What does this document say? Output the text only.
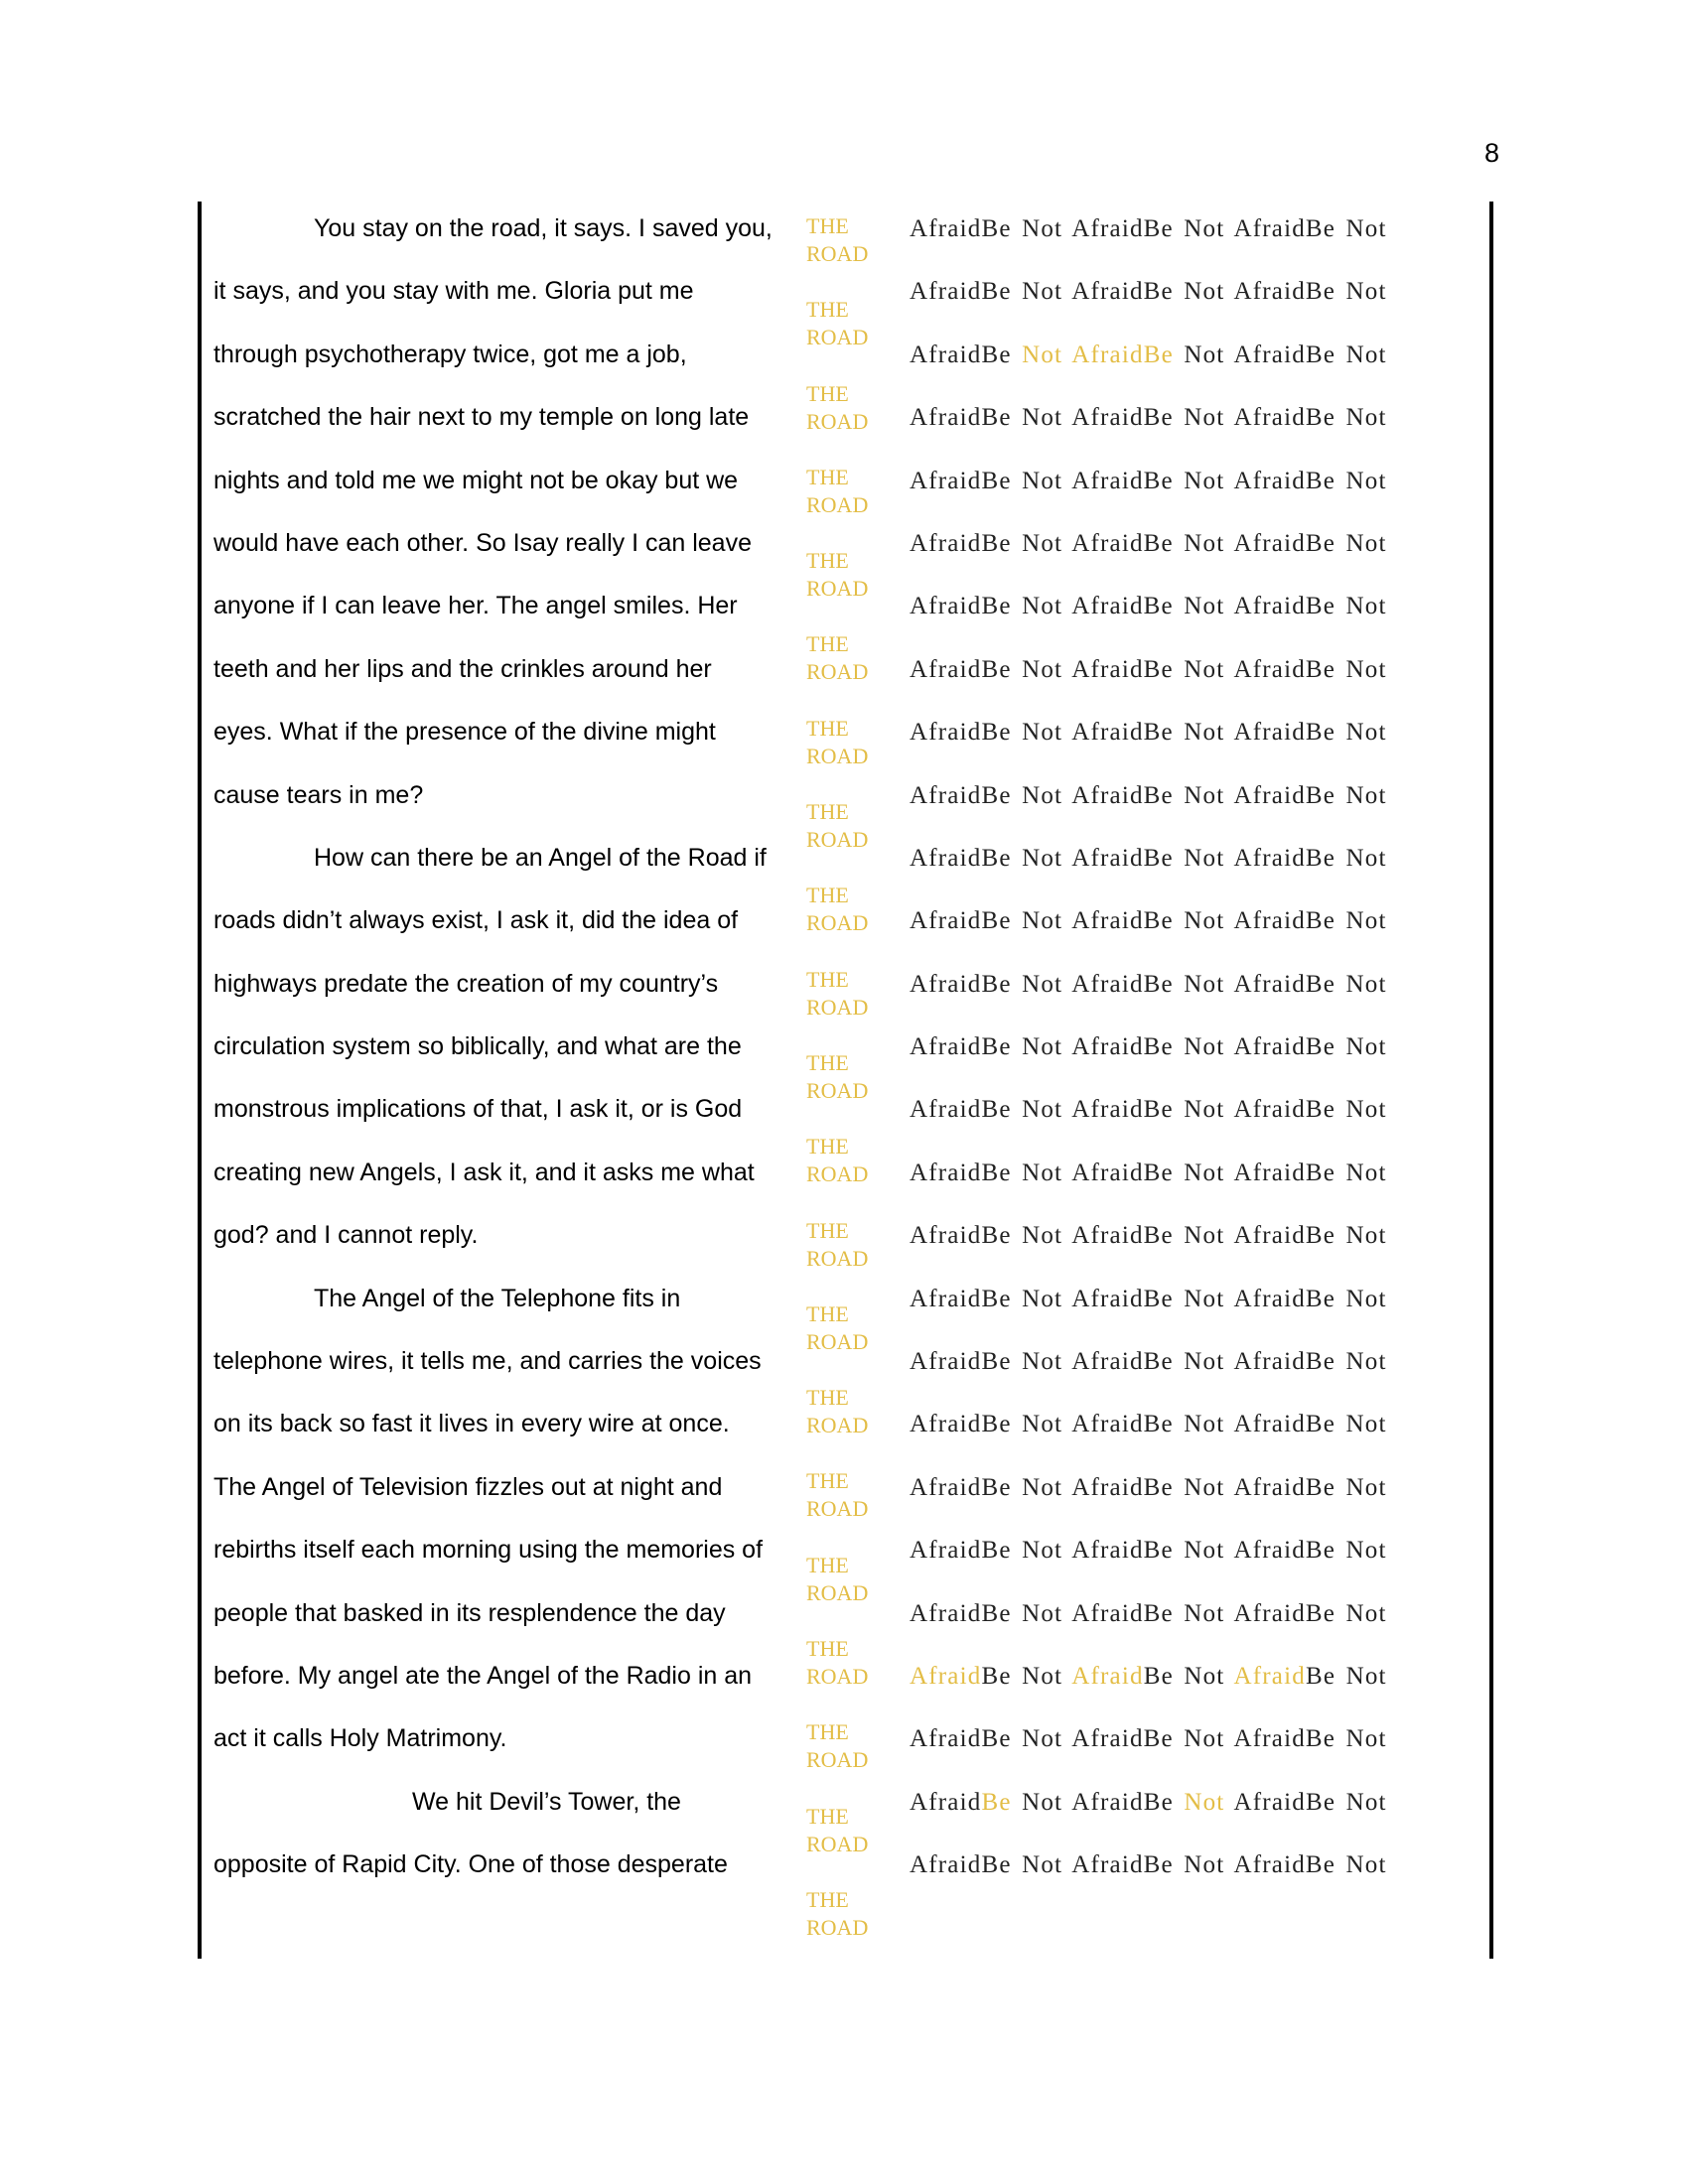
8
You stay on the road, it says. I saved you,
it says, and you stay with me. Gloria put me
through psychotherapy twice, got me a job,
scratched the hair next to my temple on long late
nights and told me we might not be okay but we
would have each other. So Isay really I can leave
anyone if I can leave her. The angel smiles. Her
teeth and her lips and the crinkles around her
eyes. What if the presence of the divine might
cause tears in me?
How can there be an Angel of the Road if
roads didn’t always exist, I ask it, did the idea of
highways predate the creation of my country’s
circulation system so biblically, and what are the
monstrous implications of that, I ask it, or is God
creating new Angels, I ask it, and it asks me what
god? and I cannot reply.
The Angel of the Telephone fits in
telephone wires, it tells me, and carries the voices
on its back so fast it lives in every wire at once.
The Angel of Television fizzles out at night and
rebirths itself each morning using the memories of
people that basked in its resplendence the day
before. My angel ate the Angel of the Radio in an
act it calls Holy Matrimony.
We hit Devil’s Tower, the
opposite of Rapid City. One of those desperate
THE
ROAD
THE
ROAD
THE
ROAD
THE
ROAD
THE
ROAD
THE
ROAD
THE
ROAD
THE
ROAD
THE
ROAD
THE
ROAD
THE
ROAD
THE
ROAD
THE
ROAD
THE
ROAD
THE
ROAD
THE
ROAD
THE
ROAD
THE
ROAD
THE
ROAD
THE
ROAD
THE
ROAD
AfraidBe Not AfraidBe Not AfraidBe Not
AfraidBe Not AfraidBe Not AfraidBe Not
AfraidBe Not AfraidBe Not AfraidBe Not
AfraidBe Not AfraidBe Not AfraidBe Not
AfraidBe Not AfraidBe Not AfraidBe Not
AfraidBe Not AfraidBe Not AfraidBe Not
AfraidBe Not AfraidBe Not AfraidBe Not
AfraidBe Not AfraidBe Not AfraidBe Not
AfraidBe Not AfraidBe Not AfraidBe Not
AfraidBe Not AfraidBe Not AfraidBe Not
AfraidBe Not AfraidBe Not AfraidBe Not
AfraidBe Not AfraidBe Not AfraidBe Not
AfraidBe Not AfraidBe Not AfraidBe Not
AfraidBe Not AfraidBe Not AfraidBe Not
AfraidBe Not AfraidBe Not AfraidBe Not
AfraidBe Not AfraidBe Not AfraidBe Not
AfraidBe Not AfraidBe Not AfraidBe Not
AfraidBe Not AfraidBe Not AfraidBe Not
AfraidBe Not AfraidBe Not AfraidBe Not
AfraidBe Not AfraidBe Not AfraidBe Not
AfraidBe Not AfraidBe Not AfraidBe Not
AfraidBe Not AfraidBe Not AfraidBe Not
AfraidBe Not AfraidBe Not AfraidBe Not
AfraidBe Not AfraidBe Not AfraidBe Not
AfraidBe Not AfraidBe Not AfraidBe Not
AfraidBe Not AfraidBe Not AfraidBe Not
AfraidBe Not AfraidBe Not AfraidBe Not
